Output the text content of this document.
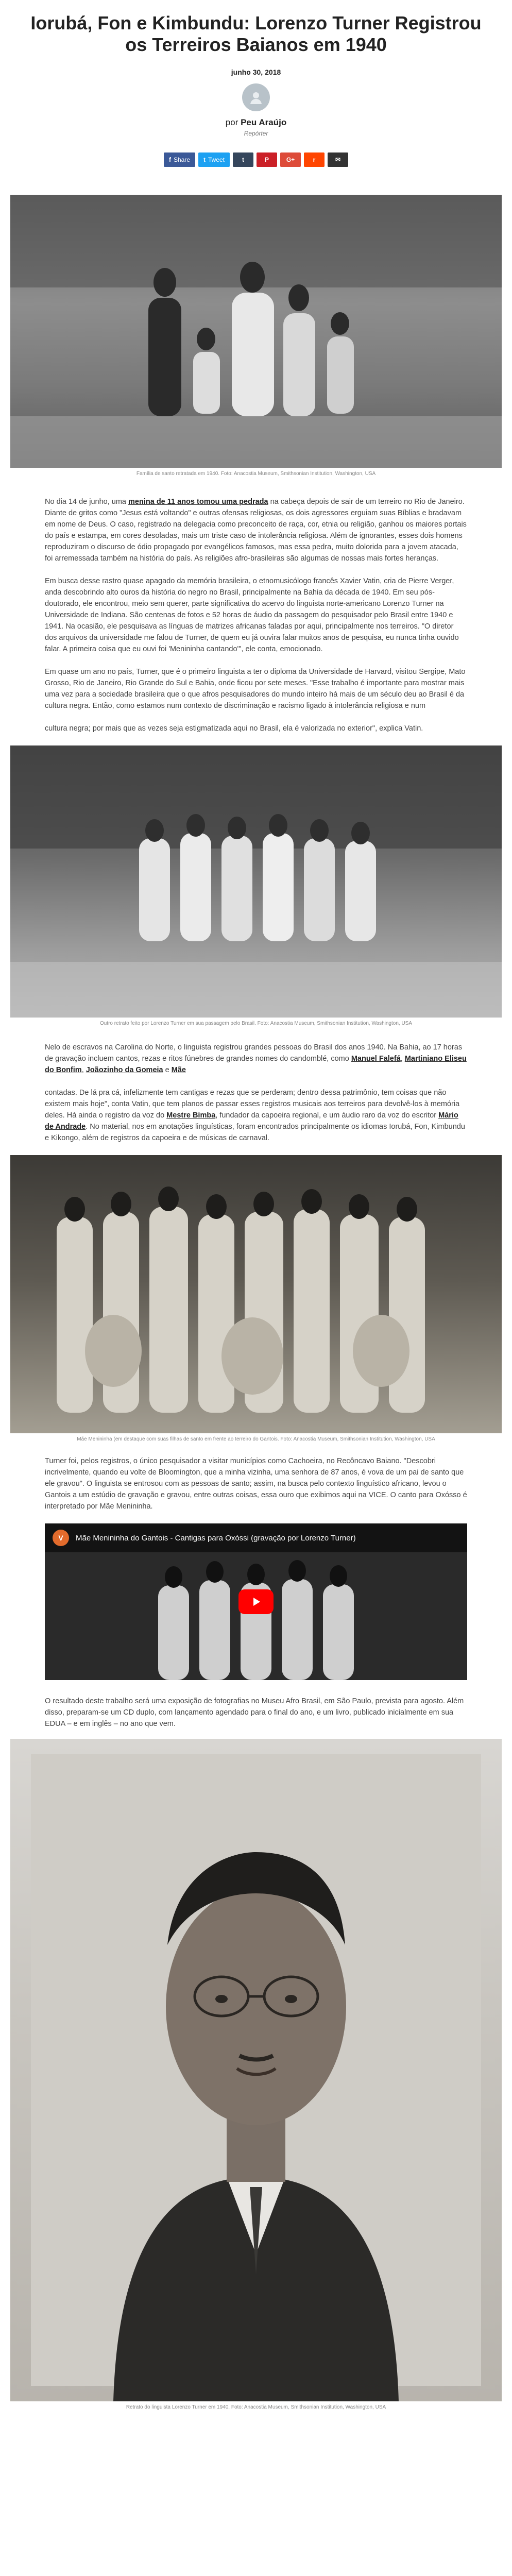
Iorubá, Fon e Kimbundu: Lorenzo Turner Registrou os Terreiros Baianos em 1940
junho 30, 2018
por Peu Araújo
Repórter
f Share t Tweet	t	P	G+	r	✉
Família de santo retratada em 1940. Foto: Anacostia Museum, Smithsonian Institution, Washington, USA

No dia 14 de junho, uma menina de 11 anos tomou uma pedrada na cabeça depois de sair de um terreiro no Rio de Janeiro. Diante de gritos como "Jesus está voltando" e outras ofensas religiosas, os dois agressores erguiam suas Bíblias e bradavam em nome de Deus. O caso, registrado na delegacia como preconceito de raça, cor, etnia ou religião, ganhou os maiores portais do país e estampa, em cores desoladas, mais um triste caso de intolerância religiosa. Além de ignorantes, esses dois homens reproduziram o discurso de ódio propagado por evangélicos famosos, mas essa pedra, muito dolorida para a jovem atacada, foi arremessada também na história do país. As religiões afro-brasileiras são algumas de nossas mais fortes heranças.

Em busca desse rastro quase apagado da memória brasileira, o etnomusicólogo francês Xavier Vatin, cria de Pierre Verger, anda descobrindo alto ouros da história do negro no Brasil, principalmente na Bahia da década de 1940. Em seu pós-doutorado, ele encontrou, meio sem querer, parte significativa do acervo do linguista norte-americano Lorenzo Turner na Universidade de Indiana. São centenas de fotos e 52 horas de áudio da passagem do pesquisador pelo Brasil entre 1940 e 1941. Na ocasião, ele pesquisava as línguas de matrizes africanas faladas por aqui, principalmente nos terreiros. "O diretor dos arquivos da universidade me falou de Turner, de quem eu já ouvira falar muitos anos de pesquisa, eu nunca tinha ouvido falar. A primeira coisa que eu ouvi foi 'Menininha cantando'", ele conta, emocionado.

Em quase um ano no país, Turner, que é o primeiro linguista a ter o diploma da Universidade de Harvard, visitou Sergipe, Mato Grosso, Rio de Janeiro, Rio Grande do Sul e Bahia, onde ficou por sete meses. "Esse trabalho é importante para mostrar mais uma vez para a sociedade brasileira que o que afros pesquisadores do mundo inteiro há mais de um século deu ao Brasil é da cultura negra. Então, como estamos num contexto de discriminação e racismo ligado à intolerância religiosa e num

cultura negra; por mais que as vezes seja estigmatizada aqui no Brasil, ela é valorizada no exterior", explica Vatin.

Outro retrato feito por Lorenzo Turner em sua passagem pelo Brasil. Foto: Anacostia Museum, Smithsonian Institution, Washington, USA

Nelo de escravos na Carolina do Norte, o linguista registrou grandes pessoas do Brasil dos anos 1940. Na Bahia, ao 17 horas de gravação incluem cantos, rezas e ritos fúnebres de grandes nomes do candomblé, como Manuel Falefá, Martiniano Eliseu do Bonfim, Joãozinho da Gomeia e Mãe

contadas. De lá pra cá, infelizmente tem cantigas e rezas que se perderam; dentro dessa patrimônio, tem coisas que não existem mais hoje", conta Vatin, que tem planos de passar esses registros musicais aos terreiros para devolvê-los à memória deles. Há ainda o registro da voz do Mestre Bimba, fundador da capoeira regional, e um áudio raro da voz do escritor Mário de Andrade. No material, nos em anotações linguísticas, foram encontrados principalmente os idiomas Iorubá, Fon, Kimbundu e Kikongo, além de registros da capoeira e de músicas de carnaval.

Mãe Menininha (em destaque com suas filhas de santo em frente ao terreiro do Gantois. Foto: Anacostia Museum, Smithsonian Institution, Washington, USA

Turner foi, pelos registros, o único pesquisador a visitar municípios como Cachoeira, no Recôncavo Baiano. "Descobri incrivelmente, quando eu volte de Bloomington, que a minha vizinha, uma senhora de 87 anos, é vova de um pai de santo que ele gravou". O linguista se entrosou com as pessoas de santo; assim, na busca pelo contexto linguístico africano, levou o Gantois a um estúdio de gravação e gravou, entre outras coisas, essa ouro que exibimos aqui na VICE. O canto para Oxósso é interpretado por Mãe Menininha.

V Mãe Menininha do Gantois - Cantigas para Oxóssi (gravação por Lorenzo Turner)

O resultado deste trabalho será uma exposição de fotografias no Museu Afro Brasil, em São Paulo, prevista para agosto. Além disso, preparam-se um CD duplo, com lançamento agendado para o final do ano, e um livro, publicado inicialmente em sua EDUA – e em inglês – no ano que vem.

Retrato do linguista Lorenzo Turner em 1940. Foto: Anacostia Museum, Smithsonian Institution, Washington, USA
